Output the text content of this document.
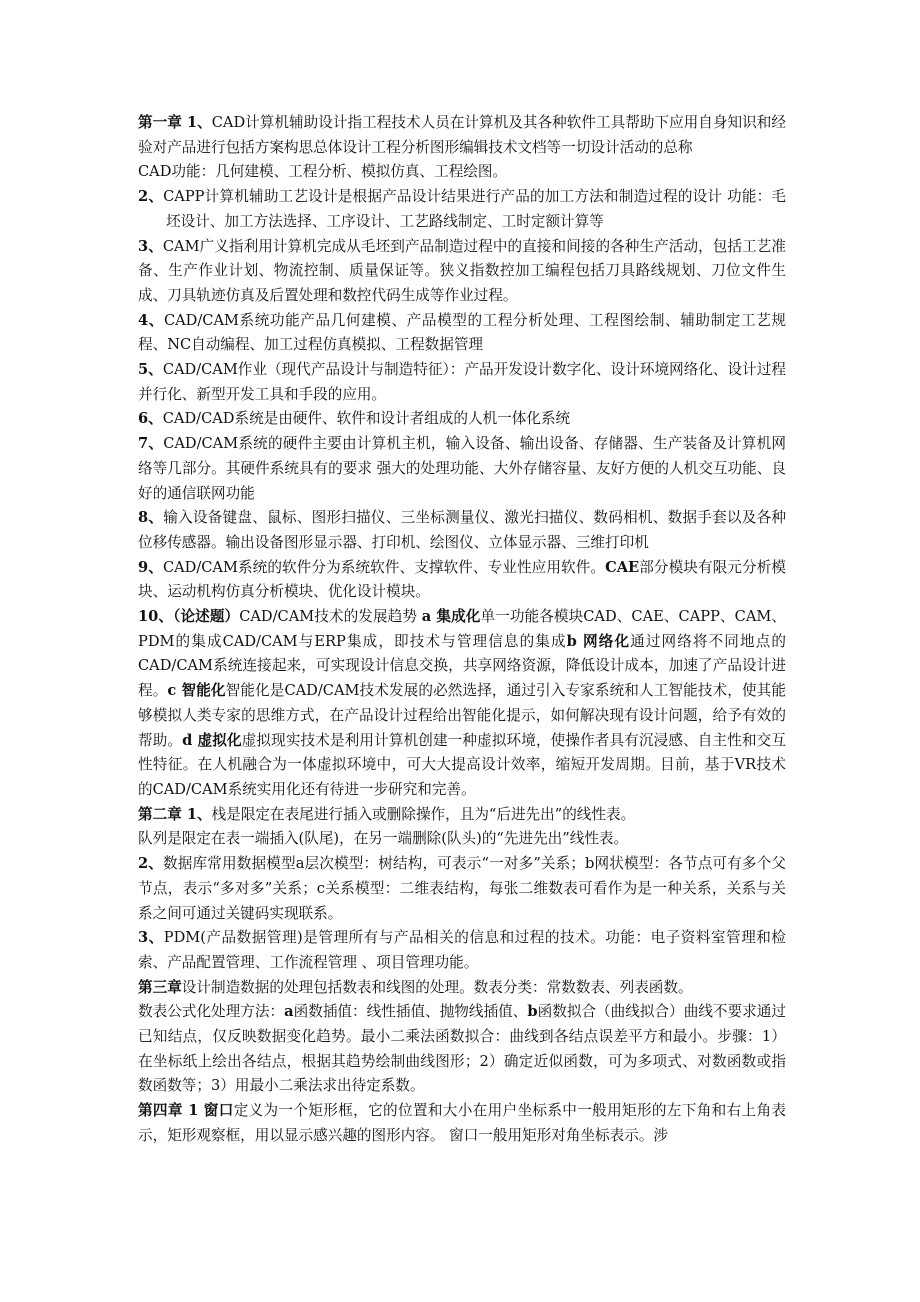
第一章 1、CAD计算机辅助设计指工程技术人员在计算机及其各种软件工具帮助下应用自身知识和经验对产品进行包括方案构思总体设计工程分析图形编辑技术文档等一切设计活动的总称

CAD功能：几何建模、工程分析、模拟仿真、工程绘图。

2、CAPP计算机辅助工艺设计是根据产品设计结果进行产品的加工方法和制造过程的设计 功能：毛坯设计、加工方法选择、工序设计、工艺路线制定、工时定额计算等

3、CAM广义指利用计算机完成从毛坯到产品制造过程中的直接和间接的各种生产活动，包括工艺准备、生产作业计划、物流控制、质量保证等。狭义指数控加工编程包括刀具路线规划、刀位文件生成、刀具轨迹仿真及后置处理和数控代码生成等作业过程。

4、CAD/CAM系统功能产品几何建模、产品模型的工程分析处理、工程图绘制、辅助制定工艺规程、NC自动编程、加工过程仿真模拟、工程数据管理

5、CAD/CAM作业（现代产品设计与制造特征）：产品开发设计数字化、设计环境网络化、设计过程并行化、新型开发工具和手段的应用。

6、CAD/CAD系统是由硬件、软件和设计者组成的人机一体化系统

7、CAD/CAM系统的硬件主要由计算机主机，输入设备、输出设备、存储器、生产装备及计算机网络等几部分。其硬件系统具有的要求 强大的处理功能、大外存储容量、友好方便的人机交互功能、良好的通信联网功能

8、输入设备键盘、鼠标、图形扫描仪、三坐标测量仪、激光扫描仪、数码相机、数据手套以及各种位移传感器。输出设备图形显示器、打印机、绘图仪、立体显示器、三维打印机

9、CAD/CAM系统的软件分为系统软件、支撑软件、专业性应用软件。CAE部分模块有限元分析模块、运动机构仿真分析模块、优化设计模块。

10、（论述题）CAD/CAM技术的发展趋势 a 集成化单一功能各模块CAD、CAE、CAPP、CAM、PDM的集成CAD/CAM与ERP集成，即技术与管理信息的集成b 网络化通过网络将不同地点的CAD/CAM系统连接起来，可实现设计信息交换，共享网络资源，降低设计成本，加速了产品设计进程。c 智能化智能化是CAD/CAM技术发展的必然选择，通过引入专家系统和人工智能技术，使其能够模拟人类专家的思维方式，在产品设计过程给出智能化提示，如何解决现有设计问题，给予有效的帮助。d 虚拟化虚拟现实技术是利用计算机创建一种虚拟环境，使操作者具有沉浸感、自主性和交互性特征。在人机融合为一体虚拟环境中，可大大提高设计效率，缩短开发周期。目前，基于VR技术的CAD/CAM系统实用化还有待进一步研究和完善。

第二章 1、栈是限定在表尾进行插入或删除操作，且为“后进先出”的线性表。

队列是限定在表一端插入(队尾)，在另一端删除(队头)的“先进先出”线性表。

2、数据库常用数据模型a层次模型：树结构，可表示“一对多”关系；b网状模型：各节点可有多个父节点，表示“多对多”关系；c关系模型：二维表结构，每张二维数表可看作为是一种关系，关系与关系之间可通过关键码实现联系。

3、PDM(产品数据管理)是管理所有与产品相关的信息和过程的技术。功能：电子资料室管理和检索、产品配置管理、工作流程管理 、项目管理功能。

第三章设计制造数据的处理包括数表和线图的处理。数表分类：常数数表、列表函数。

数表公式化处理方法：a函数插值：线性插值、抛物线插值、b函数拟合（曲线拟合）曲线不要求通过已知结点，仅反映数据变化趋势。最小二乘法函数拟合：曲线到各结点误差平方和最小。步骤：1）在坐标纸上绘出各结点，根据其趋势绘制曲线图形；2）确定近似函数，可为多项式、对数函数或指数函数等；3）用最小二乘法求出待定系数。

第四章 1 窗口定义为一个矩形框，它的位置和大小在用户坐标系中一般用矩形的左下角和右上角表示，矩形观察框，用以显示感兴趣的图形内容。 窗口一般用矩形对角坐标表示。涉
